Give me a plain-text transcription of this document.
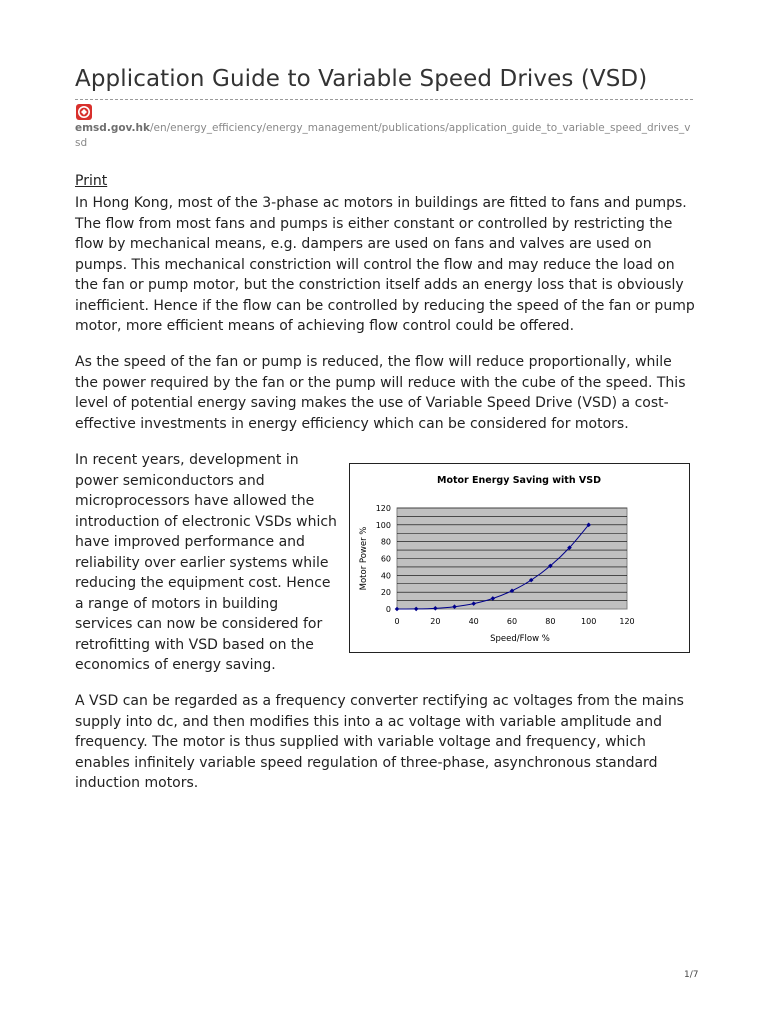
Application Guide to Variable Speed Drives (VSD)
emsd.gov.hk/en/energy_efficiency/energy_management/publications/application_guide_to_variable_speed_drives_vsd
Print

In Hong Kong, most of the 3-phase ac motors in buildings are fitted to fans and pumps. The flow from most fans and pumps is either constant or controlled by restricting the flow by mechanical means, e.g. dampers are used on fans and valves are used on pumps. This mechanical constriction will control the flow and may reduce the load on the fan or pump motor, but the constriction itself adds an energy loss that is obviously inefficient. Hence if the flow can be controlled by reducing the speed of the fan or pump motor, more efficient means of achieving flow control could be offered.

As the speed of the fan or pump is reduced, the flow will reduce proportionally, while the power required by the fan or the pump will reduce with the cube of the speed. This level of potential energy saving makes the use of Variable Speed Drive (VSD) a cost-effective investments in energy efficiency which can be considered for motors.

In recent years, development in power semiconductors and microprocessors have allowed the introduction of electronic VSDs which have improved performance and reliability over earlier systems while reducing the equipment cost. Hence a range of motors in building services can now be considered for retrofitting with VSD based on the economics of energy saving.

Motor Energy Saving with VSD
0
20
40
60
80
100
120
0	20	40	60	80	100	120
Speed/Flow %
Motor Power %

A VSD can be regarded as a frequency converter rectifying ac voltages from the mains supply into dc, and then modifies this into a ac voltage with variable amplitude and frequency. The motor is thus supplied with variable voltage and frequency, which enables infinitely variable speed regulation of three-phase, asynchronous standard induction motors.

1/7
